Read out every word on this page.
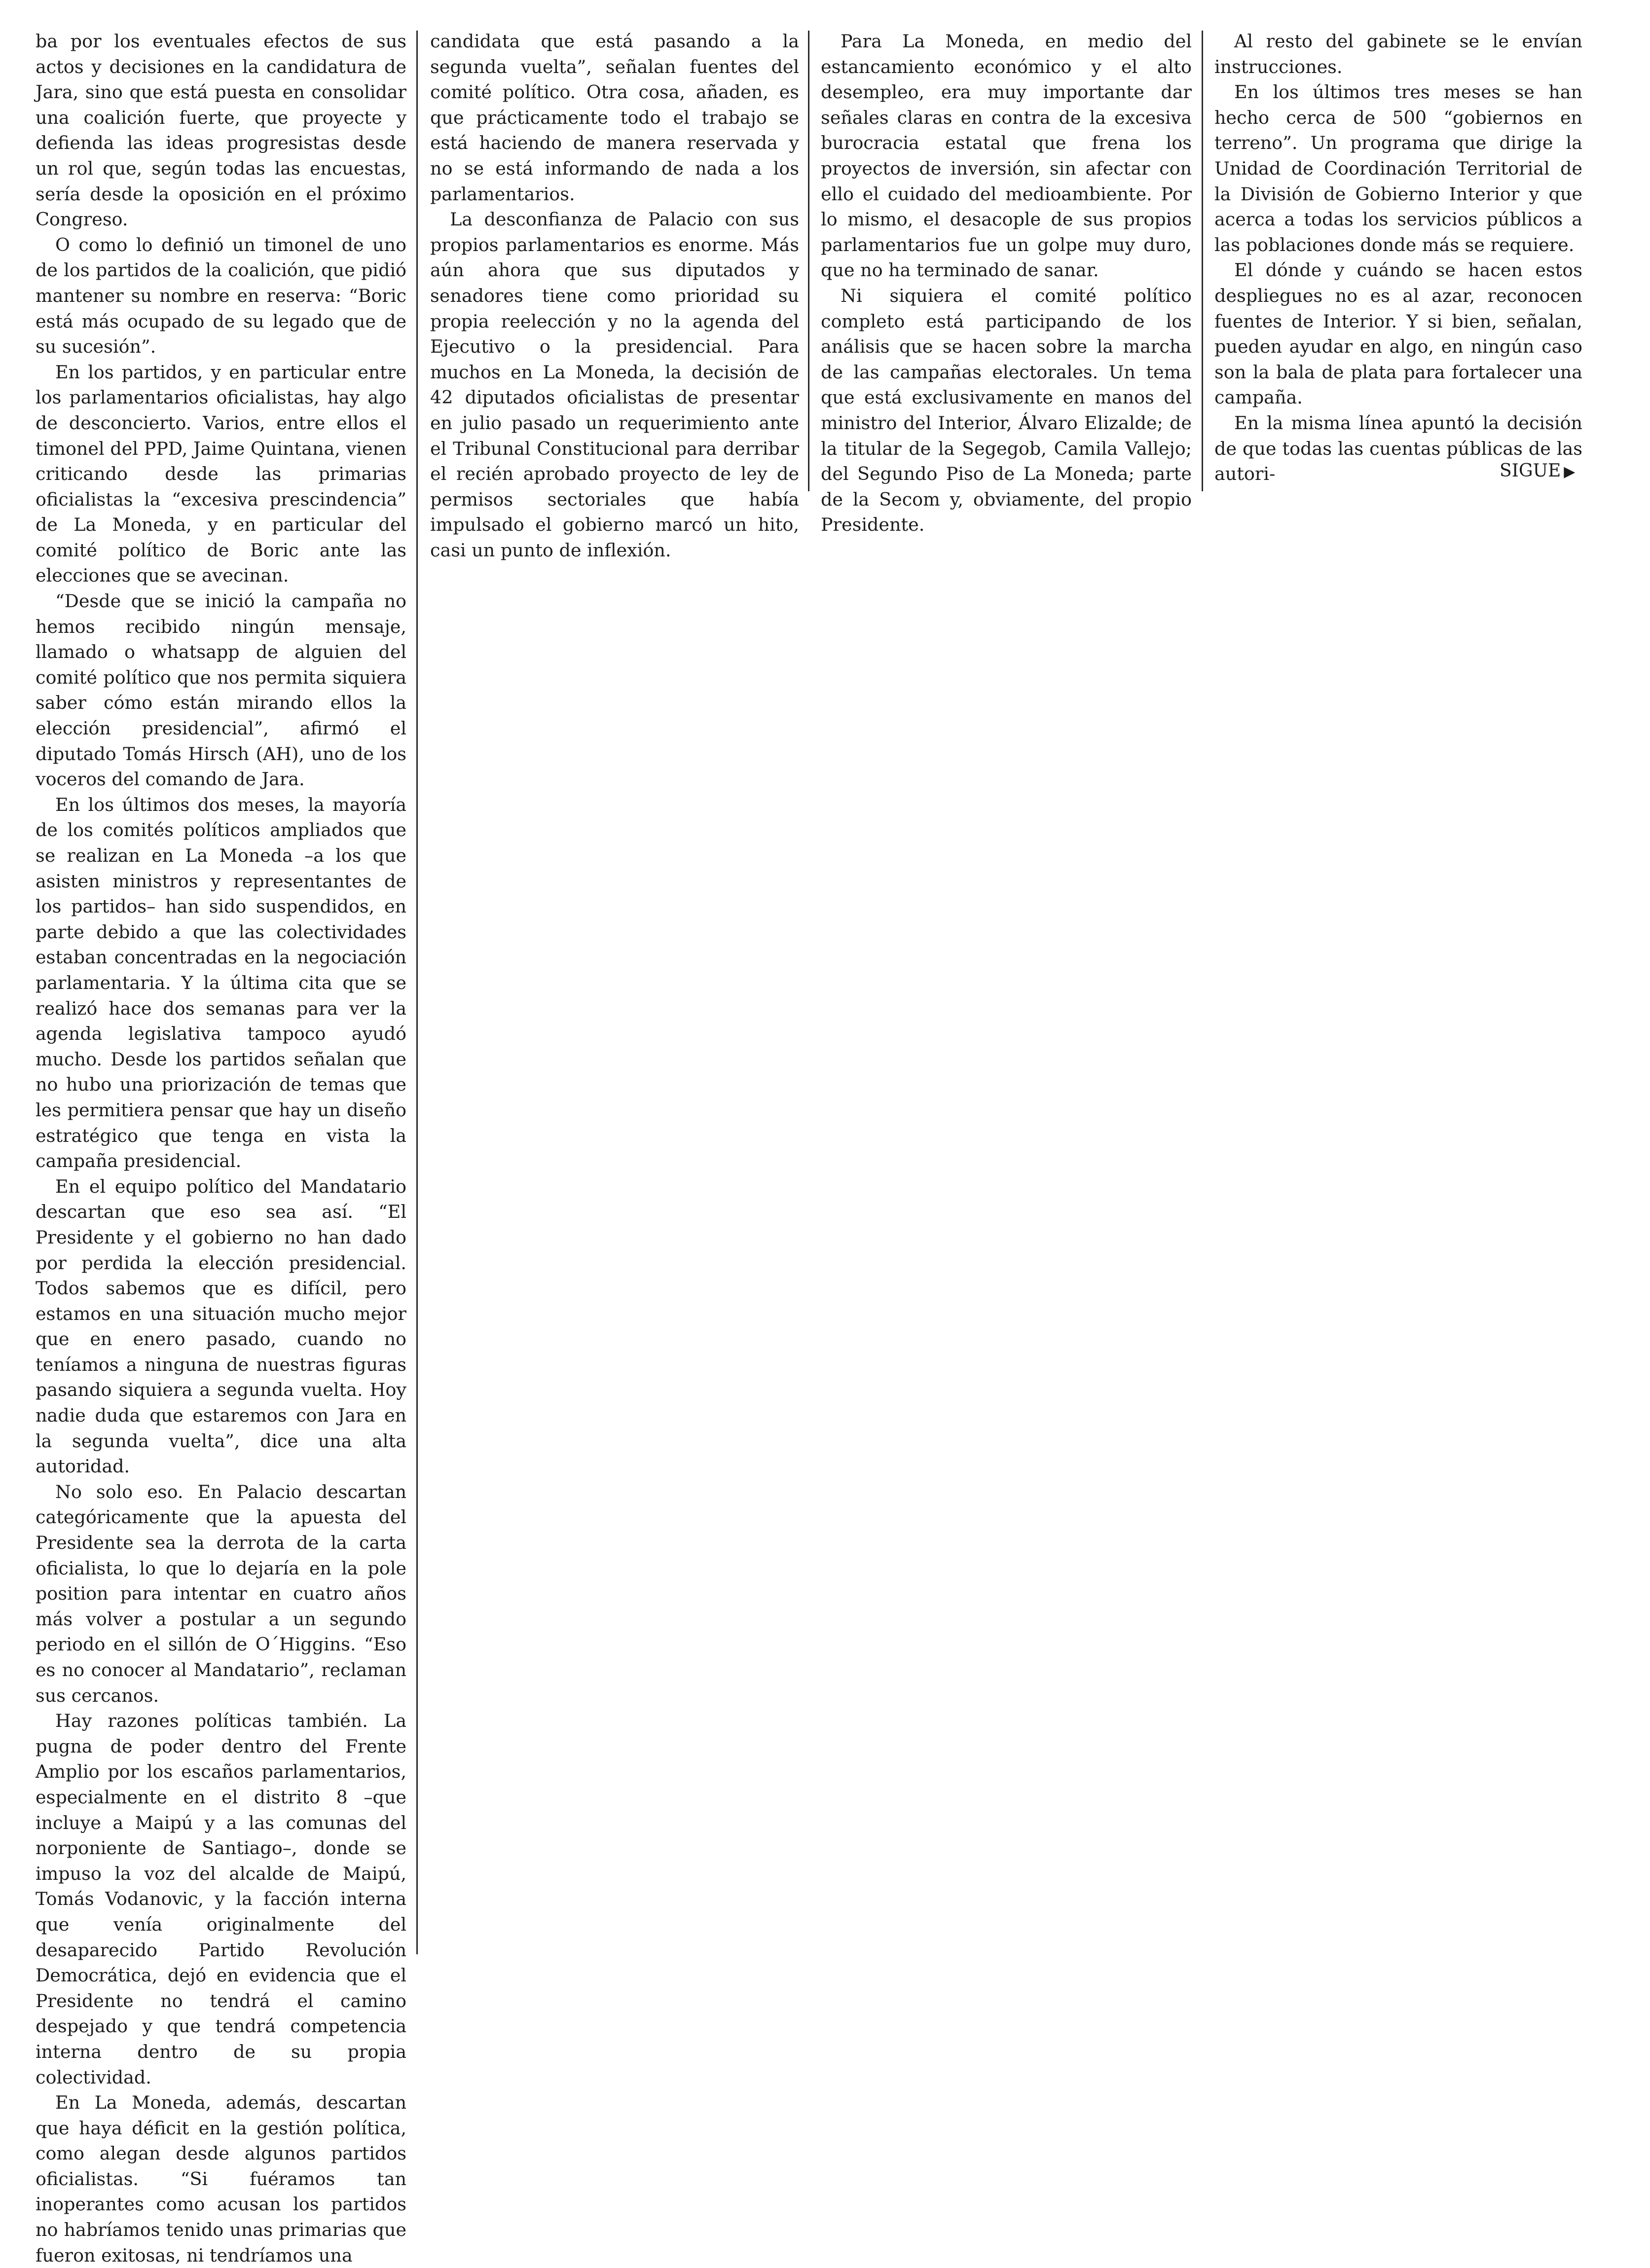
ba por los eventuales efectos de sus actos y decisiones en la candidatura de Jara, sino que está puesta en consolidar una coalición fuerte, que proyecte y defienda las ideas progresistas desde un rol que, según todas las encuestas, sería desde la oposición en el próximo Congreso.

O como lo definió un timonel de uno de los partidos de la coalición, que pidió mantener su nombre en reserva: “Boric está más ocupado de su legado que de su sucesión”.

En los partidos, y en particular entre los parlamentarios oficialistas, hay algo de desconcierto. Varios, entre ellos el timonel del PPD, Jaime Quintana, vienen criticando desde las primarias oficialistas la “excesiva prescindencia” de La Moneda, y en particular del comité político de Boric ante las elecciones que se avecinan.

“Desde que se inició la campaña no hemos recibido ningún mensaje, llamado o whatsapp de alguien del comité político que nos permita siquiera saber cómo están mirando ellos la elección presidencial”, afirmó el diputado Tomás Hirsch (AH), uno de los voceros del comando de Jara.

En los últimos dos meses, la mayoría de los comités políticos ampliados que se realizan en La Moneda –a los que asisten ministros y representantes de los partidos– han sido suspendidos, en parte debido a que las colectividades estaban concentradas en la negociación parlamentaria. Y la última cita que se realizó hace dos semanas para ver la agenda legislativa tampoco ayudó mucho. Desde los partidos señalan que no hubo una priorización de temas que les permitiera pensar que hay un diseño estratégico que tenga en vista la campaña presidencial.

En el equipo político del Mandatario descartan que eso sea así. “El Presidente y el gobierno no han dado por perdida la elección presidencial. Todos sabemos que es difícil, pero estamos en una situación mucho mejor que en enero pasado, cuando no teníamos a ninguna de nuestras figuras pasando siquiera a segunda vuelta. Hoy nadie duda que estaremos con Jara en la segunda vuelta”, dice una alta autoridad.

No solo eso. En Palacio descartan categóricamente que la apuesta del Presidente sea la derrota de la carta oficialista, lo que lo dejaría en la pole position para intentar en cuatro años más volver a postular a un segundo periodo en el sillón de O´Higgins. “Eso es no conocer al Mandatario”, reclaman sus cercanos.

Hay razones políticas también. La pugna de poder dentro del Frente Amplio por los escaños parlamentarios, especialmente en el distrito 8 –que incluye a Maipú y a las comunas del norponiente de Santiago–, donde se impuso la voz del alcalde de Maipú, Tomás Vodanovic, y la facción interna que venía originalmente del desaparecido Partido Revolución Democrática, dejó en evidencia que el Presidente no tendrá el camino despejado y que tendrá competencia interna dentro de su propia colectividad.

En La Moneda, además, descartan que haya déficit en la gestión política, como alegan desde algunos partidos oficialistas. “Si fuéramos tan inoperantes como acusan los partidos no habríamos tenido unas primarias que fueron exitosas, ni tendríamos una

candidata que está pasando a la segunda vuelta”, señalan fuentes del comité político. Otra cosa, añaden, es que prácticamente todo el trabajo se está haciendo de manera reservada y no se está informando de nada a los parlamentarios.

La desconfianza de Palacio con sus propios parlamentarios es enorme. Más aún ahora que sus diputados y senadores tiene como prioridad su propia reelección y no la agenda del Ejecutivo o la presidencial. Para muchos en La Moneda, la decisión de 42 diputados oficialistas de presentar en julio pasado un requerimiento ante el Tribunal Constitucional para derribar el recién aprobado proyecto de ley de permisos sectoriales que había impulsado el gobierno marcó un hito, casi un punto de inflexión.

Para La Moneda, en medio del estancamiento económico y el alto desempleo, era muy importante dar señales claras en contra de la excesiva burocracia estatal que frena los proyectos de inversión, sin afectar con ello el cuidado del medioambiente. Por lo mismo, el desacople de sus propios parlamentarios fue un golpe muy duro, que no ha terminado de sanar.

Ni siquiera el comité político completo está participando de los análisis que se hacen sobre la marcha de las campañas electorales. Un tema que está exclusivamente en manos del ministro del Interior, Álvaro Elizalde; de la titular de la Segegob, Camila Vallejo; del Segundo Piso de La Moneda; parte de la Secom y, obviamente, del propio Presidente.

Al resto del gabinete se le envían instrucciones.

En los últimos tres meses se han hecho cerca de 500 “gobiernos en terreno”. Un programa que dirige la Unidad de Coordinación Territorial de la División de Gobierno Interior y que acerca a todas los servicios públicos a las poblaciones donde más se requiere.

El dónde y cuándo se hacen estos despliegues no es al azar, reconocen fuentes de Interior. Y si bien, señalan, pueden ayudar en algo, en ningún caso son la bala de plata para fortalecer una campaña.

En la misma línea apuntó la decisión de que todas las cuentas públicas de las autori-	SIGUE ▶
